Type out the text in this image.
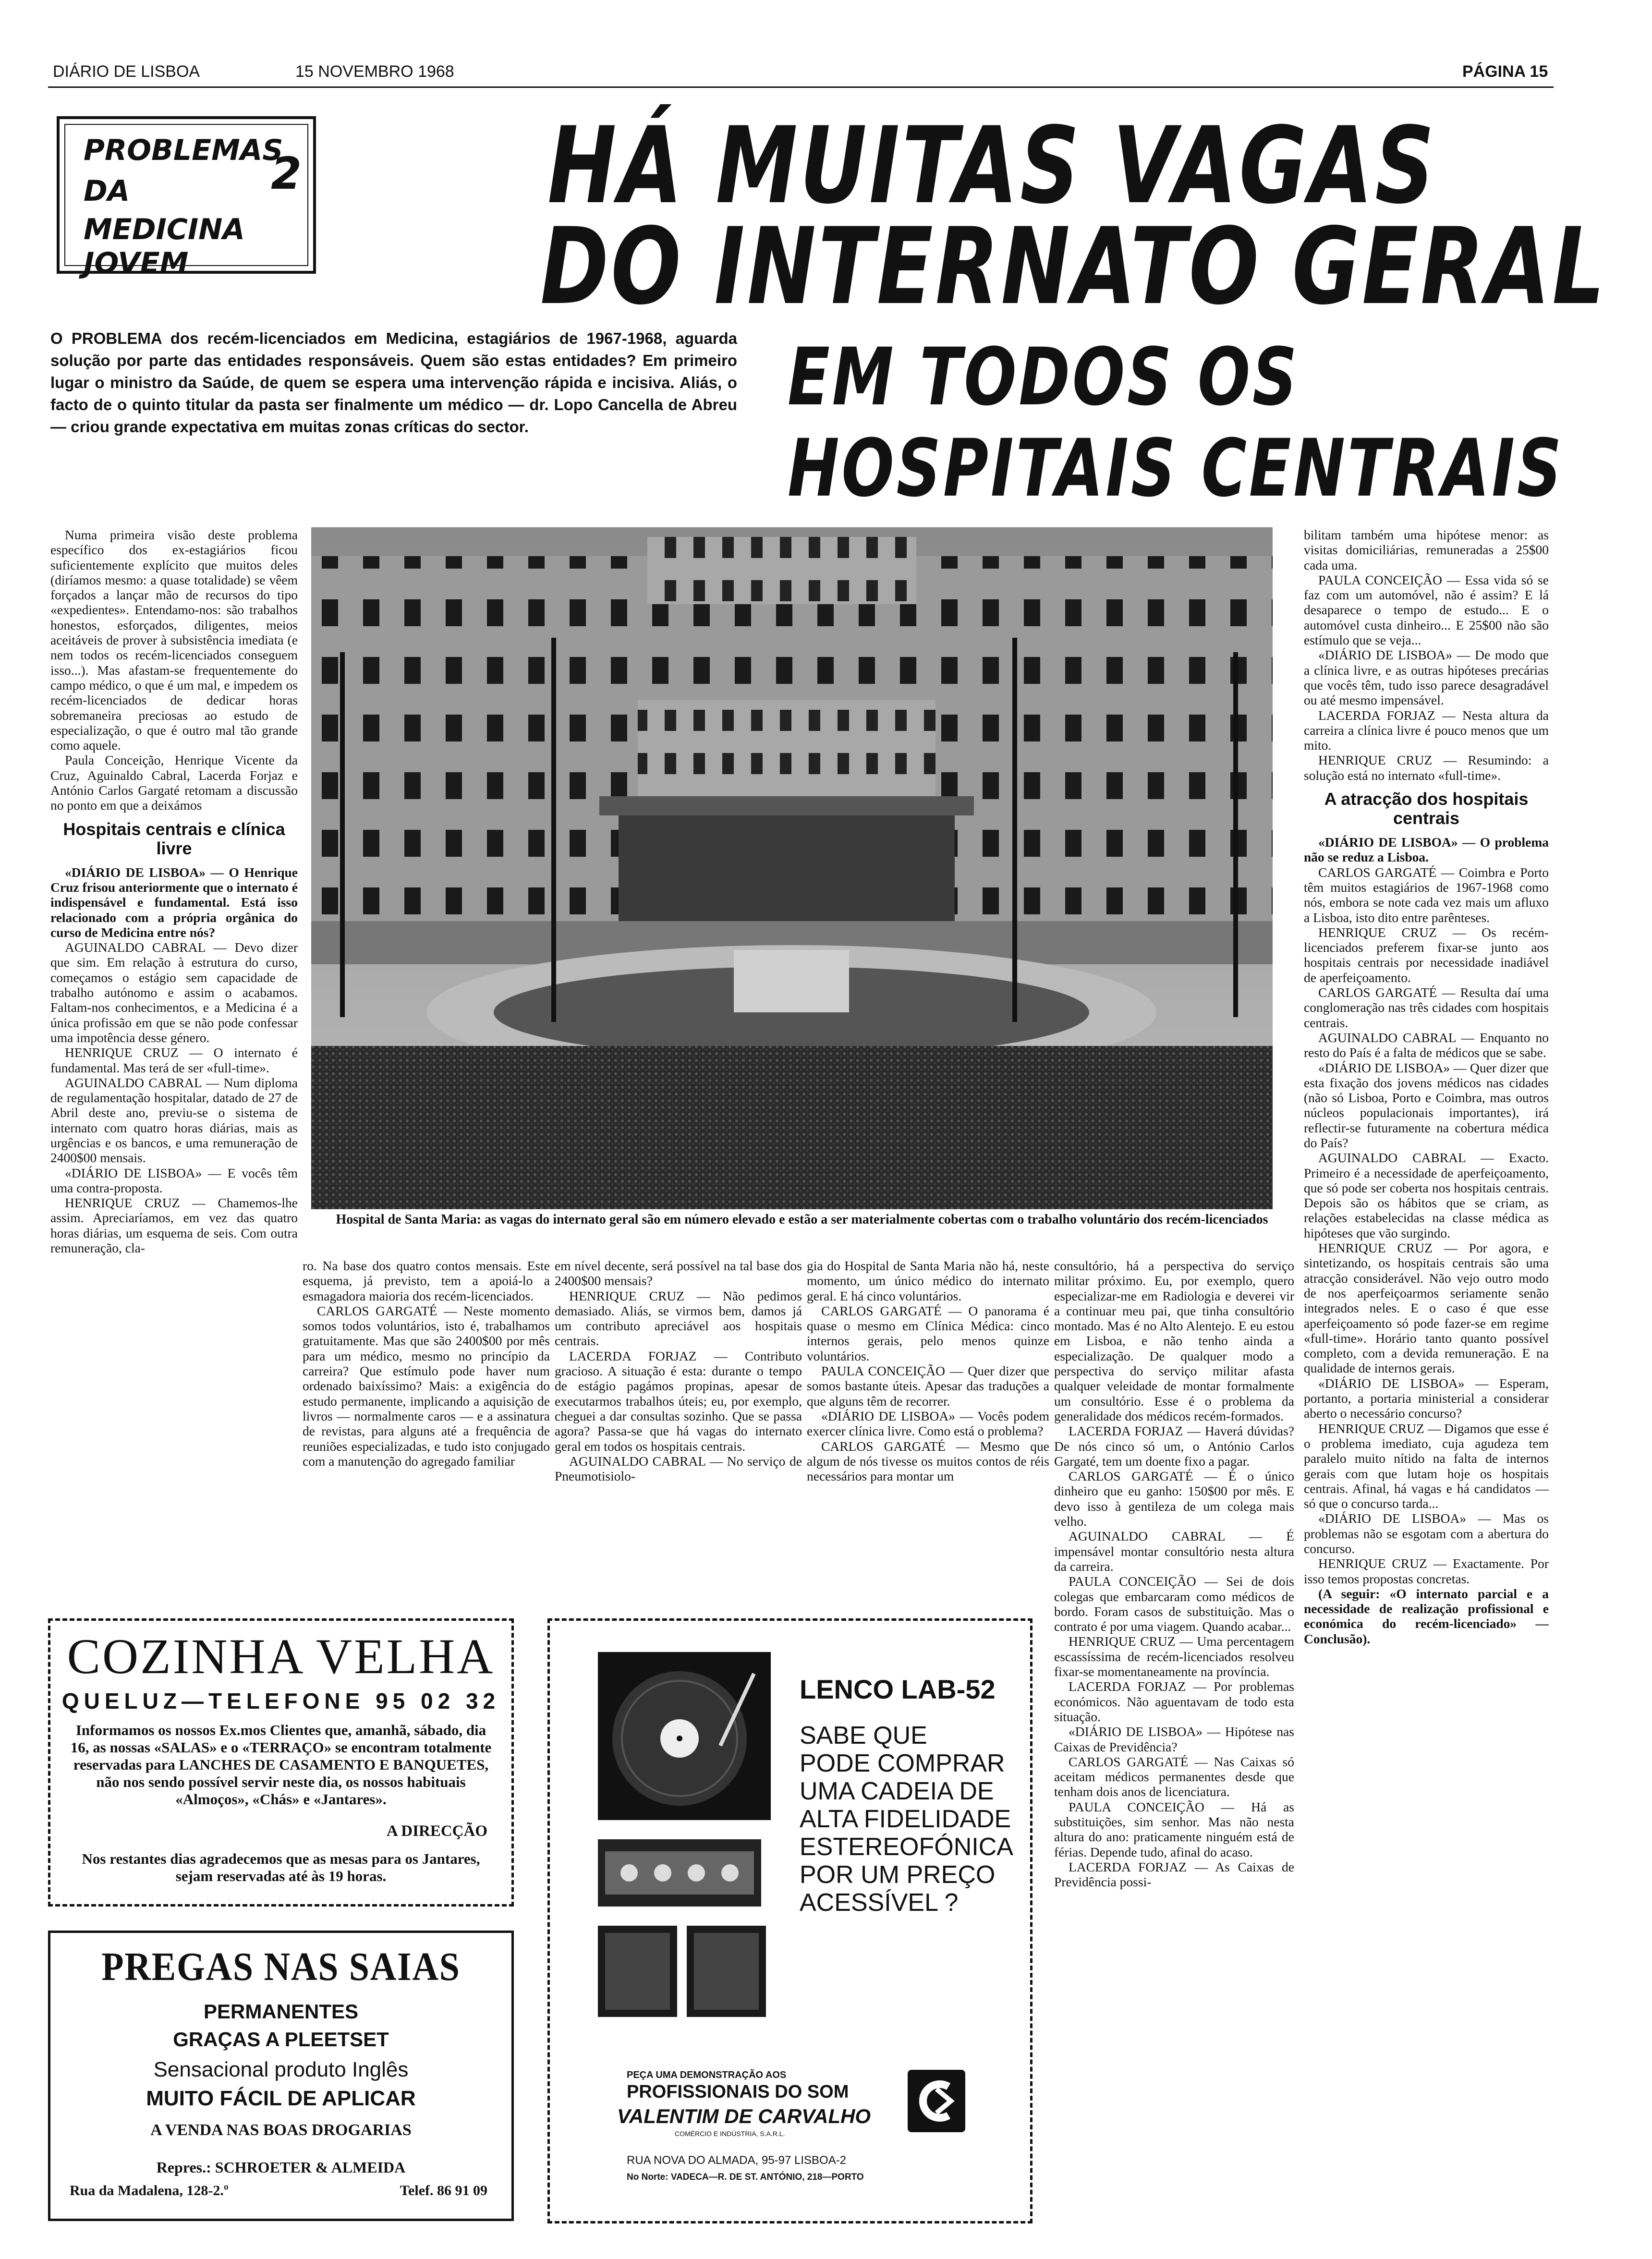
DIÁRIO DE LISBOA	15 NOVEMBRO 1968	PÁGINA 15
PROBLEMAS
DA
MEDICINA JOVEM
2 HÁ MUITAS VAGAS
DO INTERNATO GERAL
EM TODOS OS
HOSPITAIS CENTRAIS
O PROBLEMA dos recém-licenciados em Medicina, estagiários de 1967-1968, aguarda solução por parte das entidades responsáveis. Quem são estas entidades? Em primeiro lugar o ministro da Saúde, de quem se espera uma intervenção rápida e incisiva. Aliás, o facto de o quinto titular da pasta ser finalmente um médico — dr. Lopo Cancella de Abreu — criou grande expectativa em muitas zonas críticas do sector.
Hospital de Santa Maria: as vagas do internato geral são em número elevado e estão a ser materialmente cobertas com o trabalho voluntário dos recém-licenciados

Numa primeira visão deste problema específico dos ex-estagiários ficou suficientemente explícito que muitos deles (diríamos mesmo: a quase totalidade) se vêem forçados a lançar mão de recursos do tipo «expedientes». Entendamo-nos: são trabalhos honestos, esforçados, diligentes, meios aceitáveis de prover à subsistência imediata (e nem todos os recém-licenciados conseguem isso...). Mas afastam-se frequentemente do campo médico, o que é um mal, e impedem os recém-licenciados de dedicar horas sobremaneira preciosas ao estudo de especialização, o que é outro mal tão grande como aquele.

Paula Conceição, Henrique Vicente da Cruz, Aguinaldo Cabral, Lacerda Forjaz e António Carlos Gargaté retomam a discussão no ponto em que a deixámos

Hospitais centrais e clínica livre

«DIÁRIO DE LISBOA» — O Henrique Cruz frisou anteriormente que o internato é indispensável e fundamental. Está isso relacionado com a própria orgânica do curso de Medicina entre nós?

AGUINALDO CABRAL — Devo dizer que sim. Em relação à estrutura do curso, começamos o estágio sem capacidade de trabalho autónomo e assim o acabamos. Faltam-nos conhecimentos, e a Medicina é a única profissão em que se não pode confessar uma impotência desse género.

HENRIQUE CRUZ — O internato é fundamental. Mas terá de ser «full-time».

AGUINALDO CABRAL — Num diploma de regulamentação hospitalar, datado de 27 de Abril deste ano, previu-se o sistema de internato com quatro horas diárias, mais as urgências e os bancos, e uma remuneração de 2400$00 mensais.

«DIÁRIO DE LISBOA» — E vocês têm uma contra-proposta.

HENRIQUE CRUZ — Chamemos-lhe assim. Apreciaríamos, em vez das quatro horas diárias, um esquema de seis. Com outra remuneração, cla-

ro. Na base dos quatro contos mensais. Este esquema, já previsto, tem a apoiá-lo a esmagadora maioria dos recém-licenciados.

CARLOS GARGATÉ — Neste momento somos todos voluntários, isto é, trabalhamos gratuitamente. Mas que são 2400$00 por mês para um médico, mesmo no princípio da carreira? Que estímulo pode haver num ordenado baixíssimo? Mais: a exigência do estudo permanente, implicando a aquisição de livros — normalmente caros — e a assinatura de revistas, para alguns até a frequência de reuniões especializadas, e tudo isto conjugado com a manutenção do agregado familiar

em nível decente, será possível na tal base dos 2400$00 mensais?

HENRIQUE CRUZ — Não pedimos demasiado. Aliás, se virmos bem, damos já um contributo apreciável aos hospitais centrais.

LACERDA FORJAZ — Contributo gracioso. A situação é esta: durante o tempo de estágio pagámos propinas, apesar de executarmos trabalhos úteis; eu, por exemplo, cheguei a dar consultas sozinho. Que se passa agora? Passa-se que há vagas do internato geral em todos os hospitais centrais.

AGUINALDO CABRAL — No serviço de Pneumotisiolo-

gia do Hospital de Santa Maria não há, neste momento, um único médico do internato geral. E há cinco voluntários.

CARLOS GARGATÉ — O panorama é quase o mesmo em Clínica Médica: cinco internos gerais, pelo menos quinze voluntários.

PAULA CONCEIÇÃO — Quer dizer que somos bastante úteis. Apesar das traduções a que alguns têm de recorrer.

«DIÁRIO DE LISBOA» — Vocês podem exercer clínica livre. Como está o problema?

CARLOS GARGATÉ — Mesmo que algum de nós tivesse os muitos contos de réis necessários para montar um

consultório, há a perspectiva do serviço militar próximo. Eu, por exemplo, quero especializar-me em Radiologia e deverei vir a continuar meu pai, que tinha consultório montado. Mas é no Alto Alentejo. E eu estou em Lisboa, e não tenho ainda a especialização. De qualquer modo a perspectiva do serviço militar afasta qualquer veleidade de montar formalmente um consultório. Esse é o problema da generalidade dos médicos recém-formados.

LACERDA FORJAZ — Haverá dúvidas? De nós cinco só um, o António Carlos Gargaté, tem um doente fixo a pagar.

CARLOS GARGATÉ — É o único dinheiro que eu ganho: 150$00 por mês. E devo isso à gentileza de um colega mais velho.

AGUINALDO CABRAL — É impensável montar consultório nesta altura da carreira.

PAULA CONCEIÇÃO — Sei de dois colegas que embarcaram como médicos de bordo. Foram casos de substituição. Mas o contrato é por uma viagem. Quando acabar...

HENRIQUE CRUZ — Uma percentagem escassíssima de recém-licenciados resolveu fixar-se momentaneamente na província.

LACERDA FORJAZ — Por problemas económicos. Não aguentavam de todo esta situação.

«DIÁRIO DE LISBOA» — Hipótese nas Caixas de Previdência?

CARLOS GARGATÉ — Nas Caixas só aceitam médicos permanentes desde que tenham dois anos de licenciatura.

PAULA CONCEIÇÃO — Há as substituições, sim senhor. Mas não nesta altura do ano: praticamente ninguém está de férias. Depende tudo, afinal do acaso.

LACERDA FORJAZ — As Caixas de Previdência possi-

bilitam também uma hipótese menor: as visitas domiciliárias, remuneradas a 25$00 cada uma.

PAULA CONCEIÇÃO — Essa vida só se faz com um automóvel, não é assim? E lá desaparece o tempo de estudo... E o automóvel custa dinheiro... E 25$00 não são estímulo que se veja...

«DIÁRIO DE LISBOA» — De modo que a clínica livre, e as outras hipóteses precárias que vocês têm, tudo isso parece desagradável ou até mesmo impensável.

LACERDA FORJAZ — Nesta altura da carreira a clínica livre é pouco menos que um mito.

HENRIQUE CRUZ — Resumindo: a solução está no internato «full-time».

A atracção dos hospitais centrais

«DIÁRIO DE LISBOA» — O problema não se reduz a Lisboa.

CARLOS GARGATÉ — Coimbra e Porto têm muitos estagiários de 1967-1968 como nós, embora se note cada vez mais um afluxo a Lisboa, isto dito entre parênteses.

HENRIQUE CRUZ — Os recém-licenciados preferem fixar-se junto aos hospitais centrais por necessidade inadiável de aperfeiçoamento.

CARLOS GARGATÉ — Resulta daí uma conglomeração nas três cidades com hospitais centrais.

AGUINALDO CABRAL — Enquanto no resto do País é a falta de médicos que se sabe.

«DIÁRIO DE LISBOA» — Quer dizer que esta fixação dos jovens médicos nas cidades (não só Lisboa, Porto e Coimbra, mas outros núcleos populacionais importantes), irá reflectir-se futuramente na cobertura médica do País?

AGUINALDO CABRAL — Exacto. Primeiro é a necessidade de aperfeiçoamento, que só pode ser coberta nos hospitais centrais. Depois são os hábitos que se criam, as relações estabelecidas na classe médica as hipóteses que vão surgindo.

HENRIQUE CRUZ — Por agora, e sintetizando, os hospitais centrais são uma atracção considerável. Não vejo outro modo de nos aperfeiçoarmos seriamente senão integrados neles. E o caso é que esse aperfeiçoamento só pode fazer-se em regime «full-time». Horário tanto quanto possível completo, com a devida remuneração. E na qualidade de internos gerais.

«DIÁRIO DE LISBOA» — Esperam, portanto, a portaria ministerial a considerar aberto o necessário concurso?

HENRIQUE CRUZ — Digamos que esse é o problema imediato, cuja agudeza tem paralelo muito nítido na falta de internos gerais com que lutam hoje os hospitais centrais. Afinal, há vagas e há candidatos — só que o concurso tarda...

«DIÁRIO DE LISBOA» — Mas os problemas não se esgotam com a abertura do concurso.

HENRIQUE CRUZ — Exactamente. Por isso temos propostas concretas.

(A seguir: «O internato parcial e a necessidade de realização profissional e económica do recém-licenciado» — Conclusão).

COZINHA VELHA
QUELUZ—TELEFONE 95 02 32
Informamos os nossos Ex.mos Clientes que, amanhã, sábado, dia 16, as nossas «SALAS» e o «TERRAÇO» se encontram totalmente reservadas para LANCHES DE CASAMENTO E BANQUETES, não nos sendo possível servir neste dia, os nossos habituais «Almoços», «Chás» e «Jantares».
A DIRECÇÃO
Nos restantes dias agradecemos que as mesas para os Jantares, sejam reservadas até às 19 horas.
PREGAS NAS SAIAS
PERMANENTES
GRAÇAS A PLEETSET
Sensacional produto Inglês
MUITO FÁCIL DE APLICAR
A VENDA NAS BOAS DROGARIAS
Repres.: SCHROETER & ALMEIDA
Rua da Madalena, 128-2.º	Telef. 86 91 09
LENCO LAB-52
SABE QUE
PODE COMPRAR
UMA CADEIA DE
ALTA FIDELIDADE
ESTEREOFÓNICA
POR UM PREÇO
ACESSÍVEL ?
PEÇA UMA DEMONSTRAÇÃO AOS
PROFISSIONAIS DO SOM
VALENTIM DE CARVALHO
COMÉRCIO E INDÚSTRIA, S.A.R.L.
RUA NOVA DO ALMADA, 95-97 LISBOA-2
No Norte: VADECA—R. DE ST. ANTÓNIO, 218—PORTO
